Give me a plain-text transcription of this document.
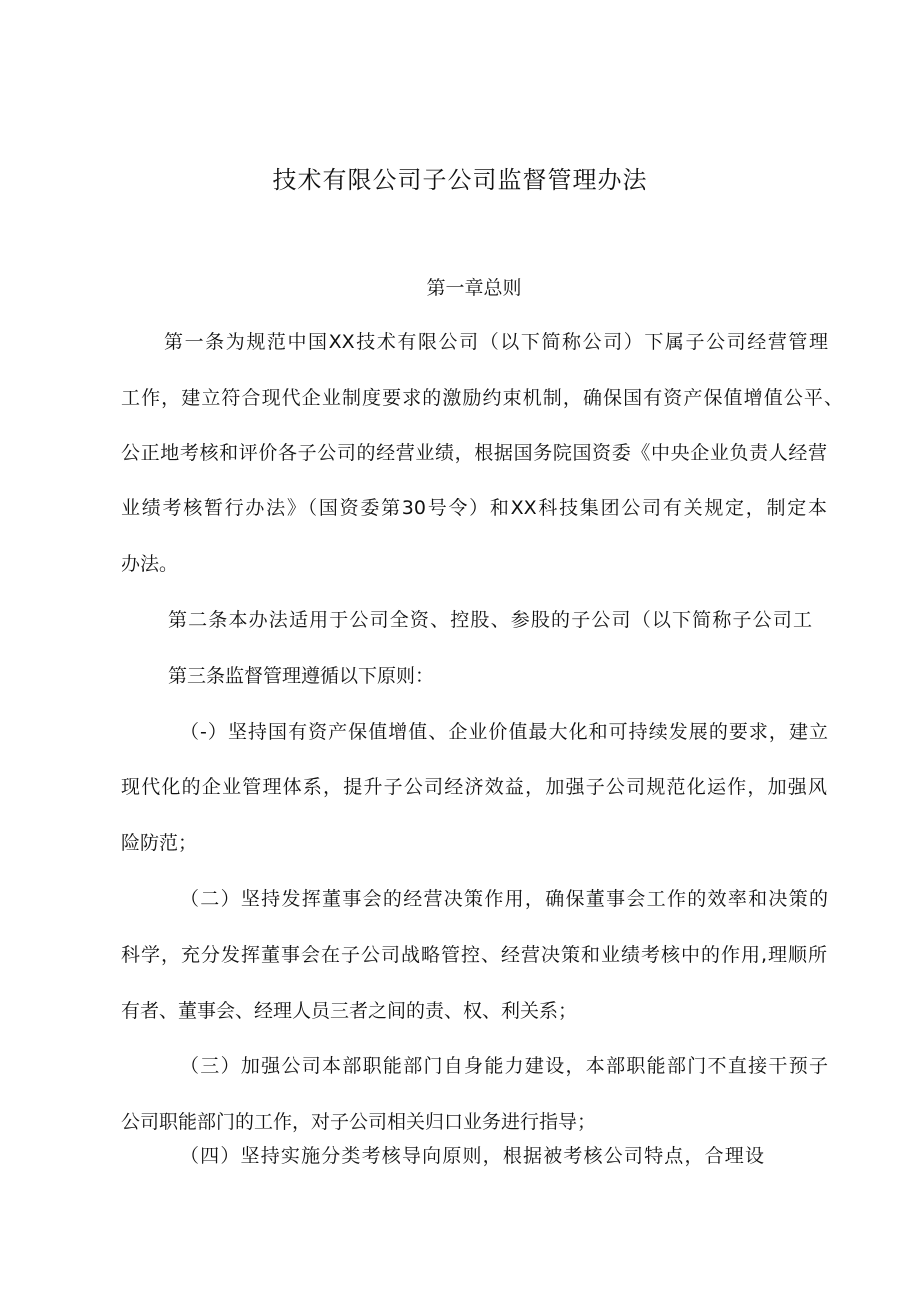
技术有限公司子公司监督管理办法
第一章总则
第一条为规范中国XX技术有限公司（以下简称公司）下属子公司经营管理
工作，建立符合现代企业制度要求的激励约束机制，确保国有资产保值增值公平、
公正地考核和评价各子公司的经营业绩，根据国务院国资委《中央企业负责人经营
业绩考核暂行办法》（国资委第30号令）和XX科技集团公司有关规定，制定本
办法。
第二条本办法适用于公司全资、控股、参股的子公司（以下简称子公司工
第三条监督管理遵循以下原则：
（-）坚持国有资产保值增值、企业价值最大化和可持续发展的要求，建立
现代化的企业管理体系，提升子公司经济效益，加强子公司规范化运作，加强风
险防范；
（二）坚持发挥董事会的经营决策作用，确保董事会工作的效率和决策的
科学，充分发挥董事会在子公司战略管控、经营决策和业绩考核中的作用,理顺所
有者、董事会、经理人员三者之间的责、权、利关系；
（三）加强公司本部职能部门自身能力建设，本部职能部门不直接干预子
公司职能部门的工作，对子公司相关归口业务进行指导；
（四）坚持实施分类考核导向原则，根据被考核公司特点，合理设
